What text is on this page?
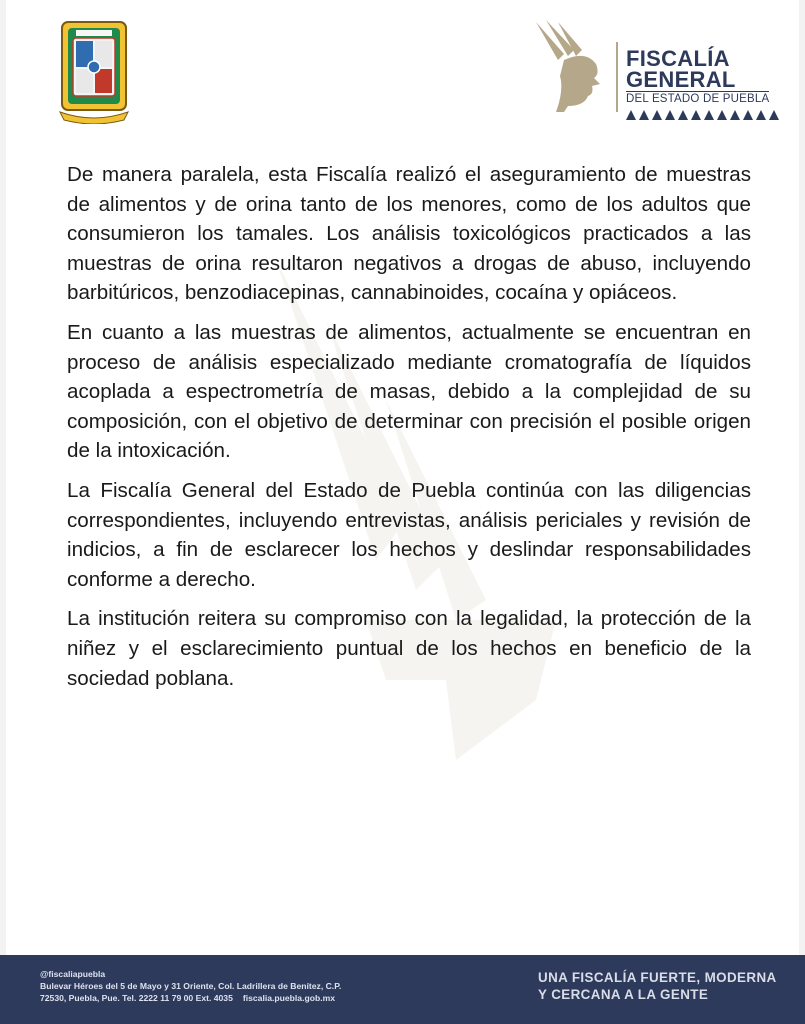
FISCALÍA
GENERAL
DEL ESTADO DE PUEBLA

De manera paralela, esta Fiscalía realizó el aseguramiento de muestras de alimentos y de orina tanto de los menores, como de los adultos que consumieron los tamales. Los análisis toxicológicos practicados a las muestras de orina resultaron negativos a drogas de abuso, incluyendo barbitúricos, benzodiacepinas, cannabinoides, cocaína y opiáceos.

En cuanto a las muestras de alimentos, actualmente se encuentran en proceso de análisis especializado mediante cromatografía de líquidos acoplada a espectrometría de masas, debido a la complejidad de su composición, con el objetivo de determinar con precisión el posible origen de la intoxicación.

La Fiscalía General del Estado de Puebla continúa con las diligencias correspondientes, incluyendo entrevistas, análisis periciales y revisión de indicios, a fin de esclarecer los hechos y deslindar responsabilidades conforme a derecho.

La institución reitera su compromiso con la legalidad, la protección de la niñez y el esclarecimiento puntual de los hechos en beneficio de la sociedad poblana.

@fiscaliapuebla
Bulevar Héroes del 5 de Mayo y 31 Oriente, Col. Ladrillera de Benítez, C.P.
72530, Puebla, Pue. Tel. 2222 11 79 00 Ext. 4035 fiscalia.puebla.gob.mx
UNA FISCALÍA FUERTE, MODERNA
Y CERCANA A LA GENTE
